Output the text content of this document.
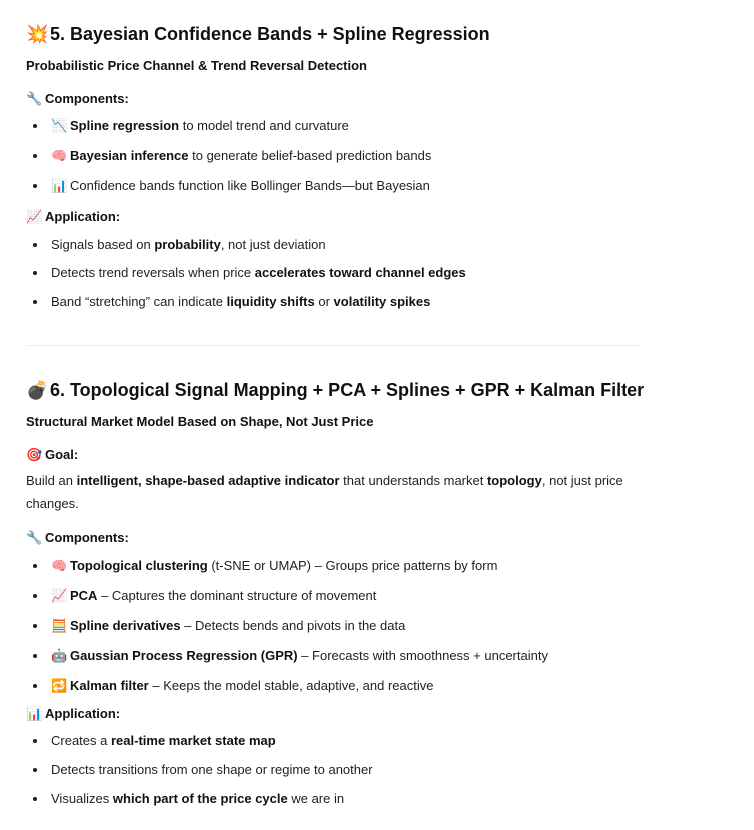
💥5. Bayesian Confidence Bands + Spline Regression

Probabilistic Price Channel & Trend Reversal Detection

🔧 Components:

📉 Spline regression to model trend and curvature
🧠 Bayesian inference to generate belief-based prediction bands
📊 Confidence bands function like Bollinger Bands—but Bayesian

📈 Application:

Signals based on probability, not just deviation
Detects trend reversals when price accelerates toward channel edges
Band “stretching” can indicate liquidity shifts or volatility spikes
💣6. Topological Signal Mapping + PCA + Splines + GPR + Kalman Filter

Structural Market Model Based on Shape, Not Just Price

🎯 Goal:

Build an intelligent, shape-based adaptive indicator that understands market topology, not just price changes.

🔧 Components:

🧠 Topological clustering (t-SNE or UMAP) – Groups price patterns by form
📈 PCA – Captures the dominant structure of movement
🧮 Spline derivatives – Detects bends and pivots in the data
🤖 Gaussian Process Regression (GPR) – Forecasts with smoothness + uncertainty
🔁 Kalman filter – Keeps the model stable, adaptive, and reactive

📊 Application:

Creates a real-time market state map
Detects transitions from one shape or regime to another
Visualizes which part of the price cycle we are in
